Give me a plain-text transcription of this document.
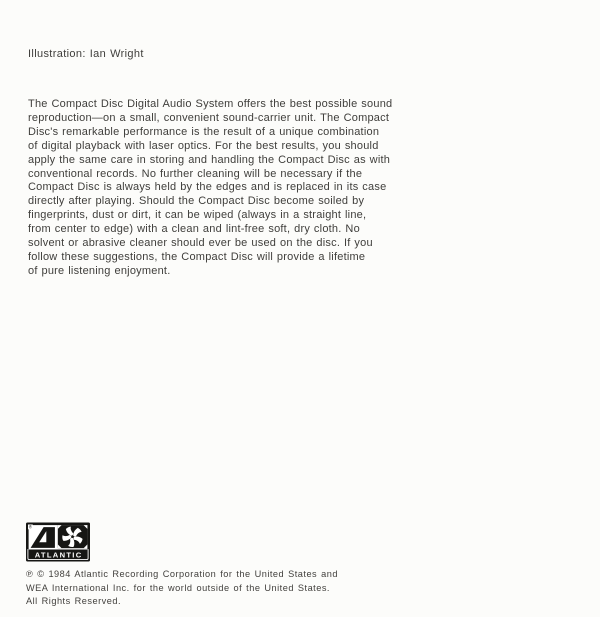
Illustration: Ian Wright
The Compact Disc Digital Audio System offers the best possible sound
reproduction—on a small, convenient sound-carrier unit. The Compact
Disc's remarkable performance is the result of a unique combination
of digital playback with laser optics. For the best results, you should
apply the same care in storing and handling the Compact Disc as with
conventional records. No further cleaning will be necessary if the
Compact Disc is always held by the edges and is replaced in its case
directly after playing. Should the Compact Disc become soiled by
fingerprints, dust or dirt, it can be wiped (always in a straight line,
from center to edge) with a clean and lint-free soft, dry cloth. No
solvent or abrasive cleaner should ever be used on the disc. If you
follow these suggestions, the Compact Disc will provide a lifetime
of pure listening enjoyment.
®
ATLANTIC
℗ © 1984 Atlantic Recording Corporation for the United States and
WEA International Inc. for the world outside of the United States.
All Rights Reserved.
